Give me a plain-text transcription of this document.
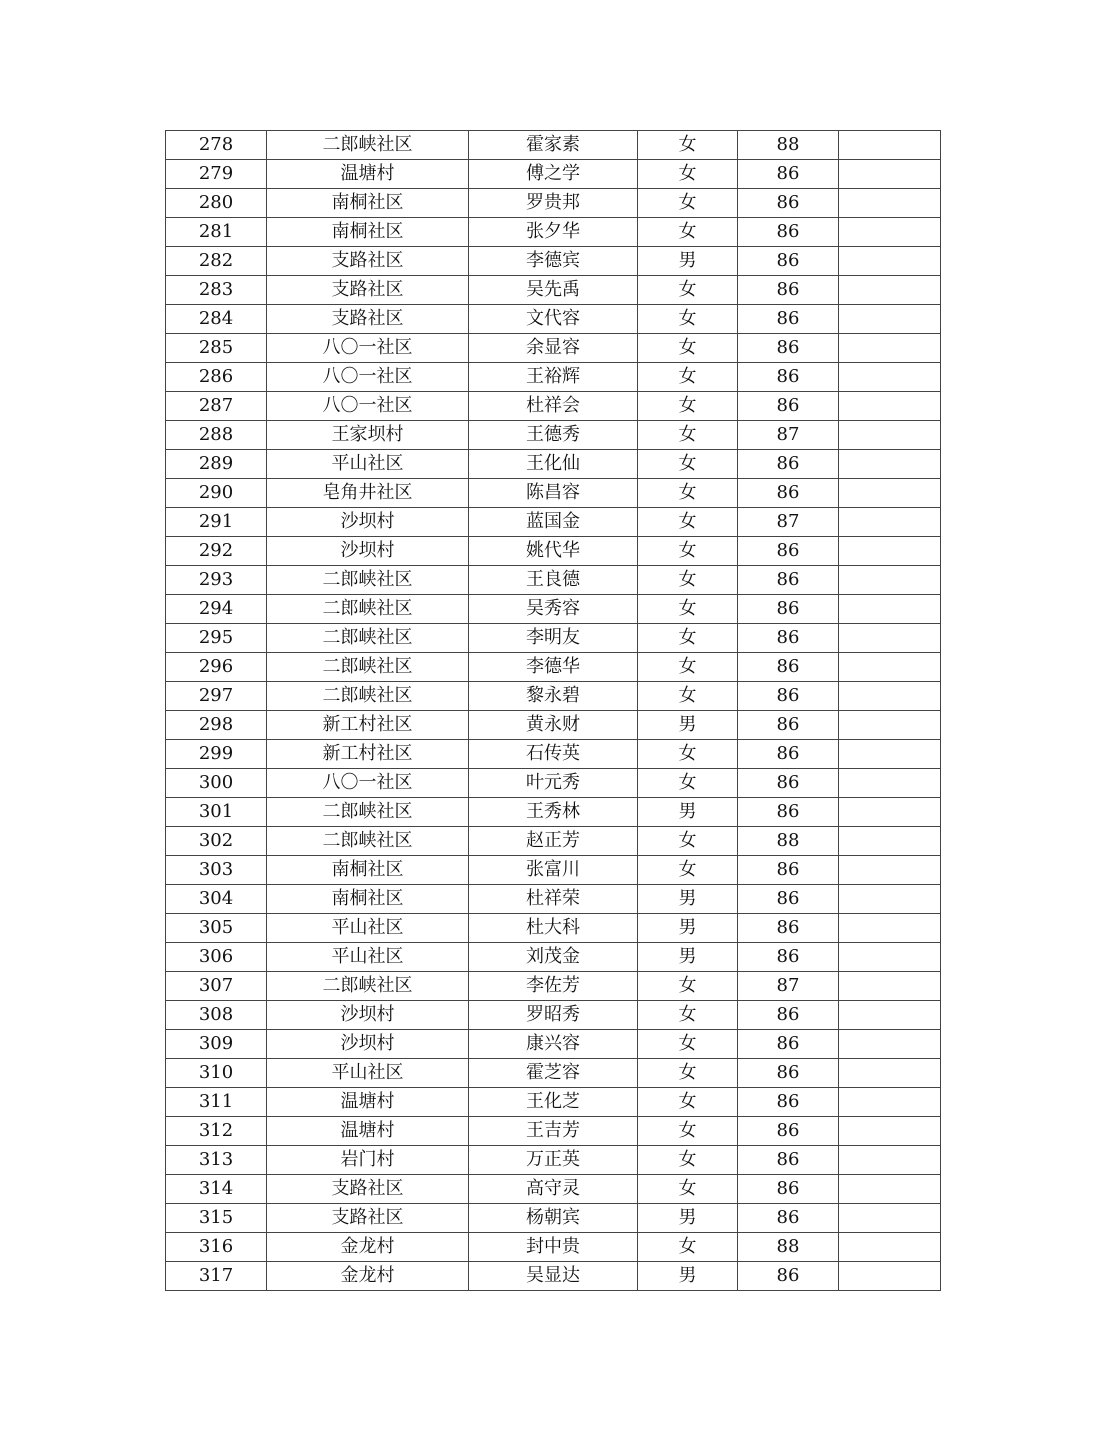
278	二郎峡社区	霍家素	女	88	
279	温塘村	傅之学	女	86	
280	南桐社区	罗贵邦	女	86	
281	南桐社区	张夕华	女	86	
282	支路社区	李德宾	男	86	
283	支路社区	吴先禹	女	86	
284	支路社区	文代容	女	86	
285	八〇一社区	余显容	女	86	
286	八〇一社区	王裕辉	女	86	
287	八〇一社区	杜祥会	女	86	
288	王家坝村	王德秀	女	87	
289	平山社区	王化仙	女	86	
290	皂角井社区	陈昌容	女	86	
291	沙坝村	蓝国金	女	87	
292	沙坝村	姚代华	女	86	
293	二郎峡社区	王良德	女	86	
294	二郎峡社区	吴秀容	女	86	
295	二郎峡社区	李明友	女	86	
296	二郎峡社区	李德华	女	86	
297	二郎峡社区	黎永碧	女	86	
298	新工村社区	黄永财	男	86	
299	新工村社区	石传英	女	86	
300	八〇一社区	叶元秀	女	86	
301	二郎峡社区	王秀林	男	86	
302	二郎峡社区	赵正芳	女	88	
303	南桐社区	张富川	女	86	
304	南桐社区	杜祥荣	男	86	
305	平山社区	杜大科	男	86	
306	平山社区	刘茂金	男	86	
307	二郎峡社区	李佐芳	女	87	
308	沙坝村	罗昭秀	女	86	
309	沙坝村	康兴容	女	86	
310	平山社区	霍芝容	女	86	
311	温塘村	王化芝	女	86	
312	温塘村	王吉芳	女	86	
313	岩门村	万正英	女	86	
314	支路社区	高守灵	女	86	
315	支路社区	杨朝宾	男	86	
316	金龙村	封中贵	女	88	
317	金龙村	吴显达	男	86	
